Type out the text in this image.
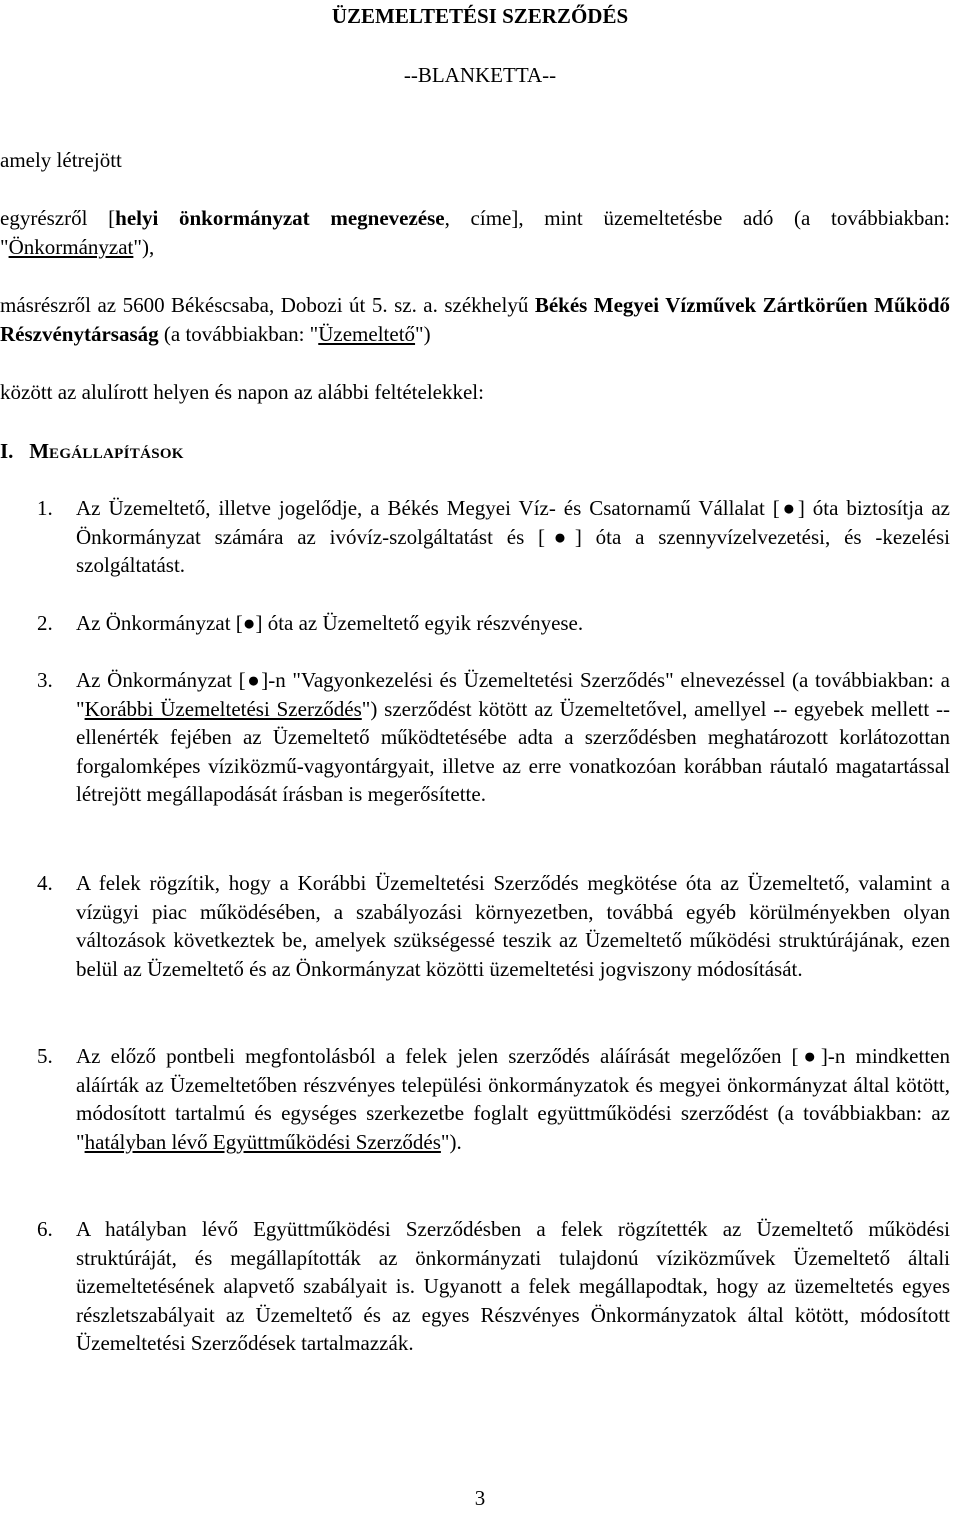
ÜZEMELTETÉSI SZERZŐDÉS
--BLANKETTA--

amely létrejött

egyrészről [helyi önkormányzat megnevezése, címe], mint üzemeltetésbe adó (a továbbiakban: "Önkormányzat"),

másrészről az 5600 Békéscsaba, Dobozi út 5. sz. a. székhelyű Békés Megyei Vízművek Zártkörűen Működő Részvénytársaság (a továbbiakban: "Üzemeltető")

között az alulírott helyen és napon az alábbi feltételekkel:

I. MEGÁLLAPÍTÁSOK
1. Az Üzemeltető, illetve jogelődje, a Békés Megyei Víz- és Csatornamű Vállalat [●] óta biztosítja az Önkormányzat számára az ivóvíz-szolgáltatást és [●] óta a szennyvízelvezetési, és -kezelési szolgáltatást.

2. Az Önkormányzat [●] óta az Üzemeltető egyik részvényese.

3. Az Önkormányzat [●]-n "Vagyonkezelési és Üzemeltetési Szerződés" elnevezéssel (a továbbiakban: a "Korábbi Üzemeltetési Szerződés") szerződést kötött az Üzemeltetővel, amellyel -- egyebek mellett -- ellenérték fejében az Üzemeltető működtetésébe adta a szerződésben meghatározott korlátozottan forgalomképes víziközmű-vagyontárgyait, illetve az erre vonatkozóan korábban ráutaló magatartással létrejött megállapodását írásban is megerősítette.

4. A felek rögzítik, hogy a Korábbi Üzemeltetési Szerződés megkötése óta az Üzemeltető, valamint a vízügyi piac működésében, a szabályozási környezetben, továbbá egyéb körülményekben olyan változások következtek be, amelyek szükségessé teszik az Üzemeltető működési struktúrájának, ezen belül az Üzemeltető és az Önkormányzat közötti üzemeltetési jogviszony módosítását.

5. Az előző pontbeli megfontolásból a felek jelen szerződés aláírását megelőzően [●]-n mindketten aláírták az Üzemeltetőben részvényes települési önkormányzatok és megyei önkormányzat által kötött, módosított tartalmú és egységes szerkezetbe foglalt együttműködési szerződést (a továbbiakban: az "hatályban lévő Együttműködési Szerződés").

6. A hatályban lévő Együttműködési Szerződésben a felek rögzítették az Üzemeltető működési struktúráját, és megállapították az önkormányzati tulajdonú víziközművek Üzemeltető általi üzemeltetésének alapvető szabályait is. Ugyanott a felek megállapodtak, hogy az üzemeltetés egyes részletszabályait az Üzemeltető és az egyes Részvényes Önkormányzatok által kötött, módosított Üzemeltetési Szerződések tartalmazzák.

3
